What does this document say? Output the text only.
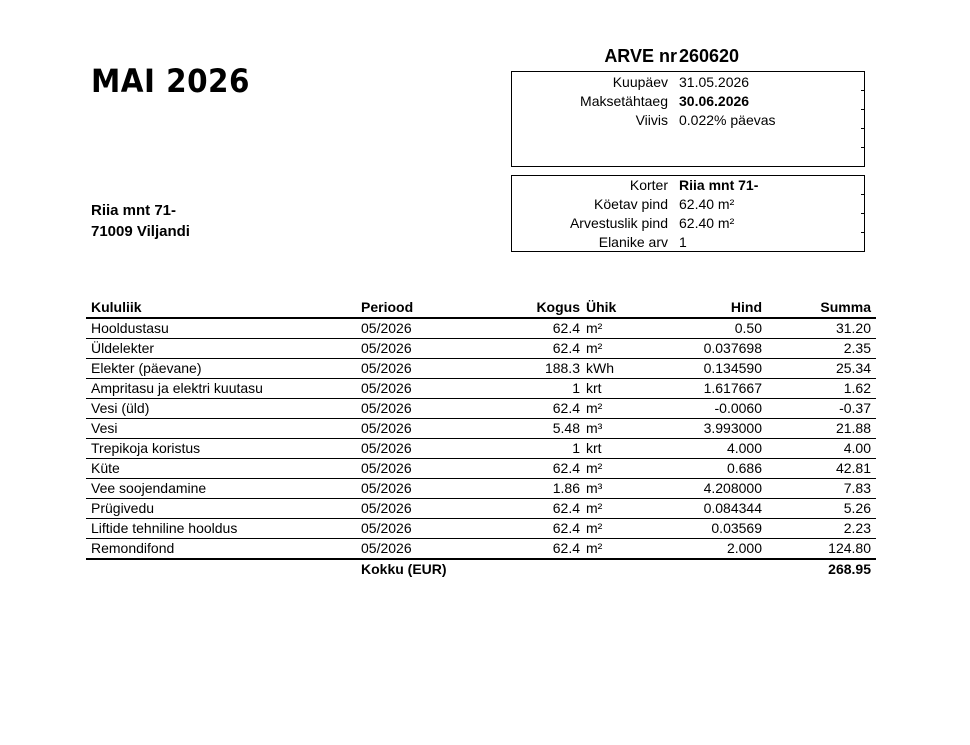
MAI 2026
ARVE nr 260620
Kuupäev 31.05.2026
Maksetähtaeg 30.06.2026
Viivis 0.022% päevas
Korter Riia mnt 71-
Köetav pind 62.40 m²
Arvestuslik pind 62.40 m²
Elanike arv 1
Riia mnt 71-
71009 Viljandi
Kululiik	Periood	Kogus Ühik	Hind	Summa
Hooldustasu	05/2026	62.4 m²	0.50	31.20
Üldelekter	05/2026	62.4 m²	0.037698	2.35
Elekter (päevane)	05/2026	188.3 kWh	0.134590	25.34
Ampritasu ja elektri kuutasu	05/2026	1 krt	1.617667	1.62
Vesi (üld)	05/2026	62.4 m²	-0.0060	-0.37
Vesi	05/2026	5.48 m³	3.993000	21.88
Trepikoja koristus	05/2026	1 krt	4.000	4.00
Küte	05/2026	62.4 m²	0.686	42.81
Vee soojendamine	05/2026	1.86 m³	4.208000	7.83
Prügivedu	05/2026	62.4 m²	0.084344	5.26
Liftide tehniline hooldus	05/2026	62.4 m²	0.03569	2.23
Remondifond	05/2026	62.4 m²	2.000	124.80
Kokku (EUR)	268.95
